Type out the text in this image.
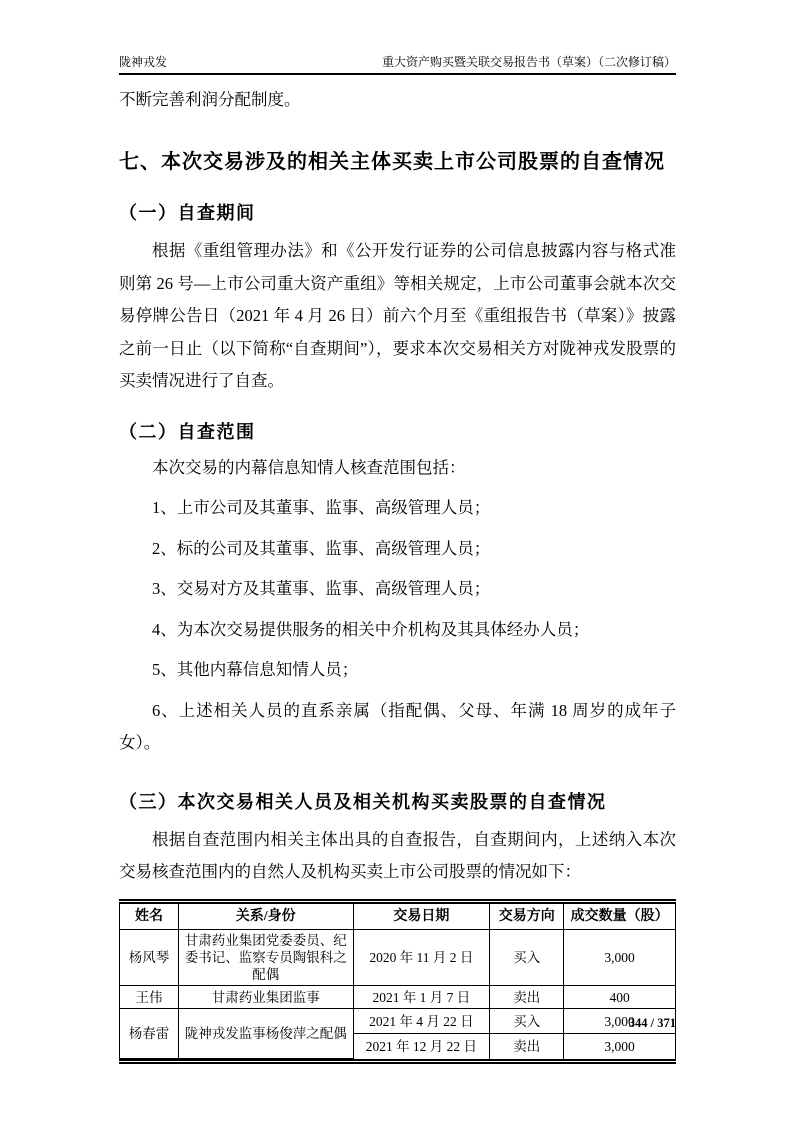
陇神戎发	重大资产购买暨关联交易报告书（草案）（二次修订稿）

不断完善利润分配制度。

七、本次交易涉及的相关主体买卖上市公司股票的自查情况
（一）自查期间

根据《重组管理办法》和《公开发行证券的公司信息披露内容与格式准则第 26 号—上市公司重大资产重组》等相关规定，上市公司董事会就本次交易停牌公告日（2021 年 4 月 26 日）前六个月至《重组报告书（草案）》披露之前一日止（以下简称“自查期间”），要求本次交易相关方对陇神戎发股票的买卖情况进行了自查。

（二）自查范围

本次交易的内幕信息知情人核查范围包括：

1、上市公司及其董事、监事、高级管理人员；

2、标的公司及其董事、监事、高级管理人员；

3、交易对方及其董事、监事、高级管理人员；

4、为本次交易提供服务的相关中介机构及其具体经办人员；

5、其他内幕信息知情人员；

6、上述相关人员的直系亲属（指配偶、父母、年满 18 周岁的成年子女）。

（三）本次交易相关人员及相关机构买卖股票的自查情况

根据自查范围内相关主体出具的自查报告，自查期间内，上述纳入本次交易核查范围内的自然人及机构买卖上市公司股票的情况如下：

姓名	关系/身份	交易日期	交易方向	成交数量（股）
杨风琴	甘肃药业集团党委委员、纪委书记、监察专员陶银科之配偶	2020 年 11 月 2 日	买入	3,000
王伟	甘肃药业集团监事	2021 年 1 月 7 日	卖出	400
杨春雷	陇神戎发监事杨俊萍之配偶	2021 年 4 月 22 日	买入	3,000
		2021 年 12 月 22 日	卖出	3,000
344 / 371
